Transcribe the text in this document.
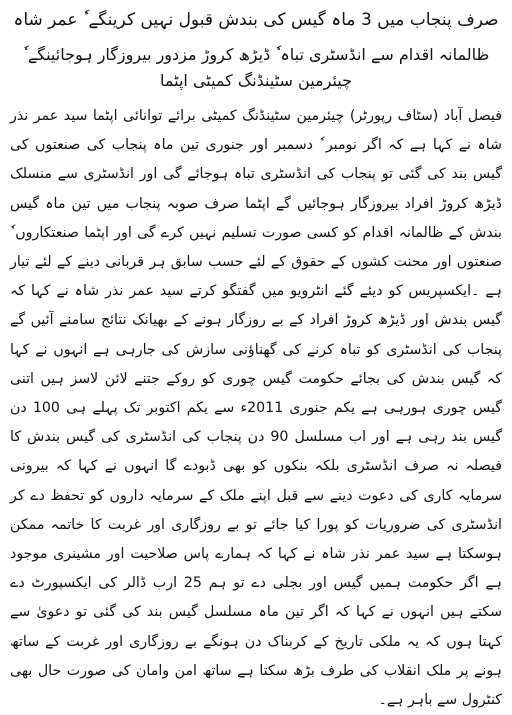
صرف پنجاب میں 3 ماہ گیس کی بندش قبول نہیں کرینگے ٗ عمر شاہ
ظالمانہ اقدام سے انڈسٹری تباہ ٗ ڈیڑھ کروڑ مزدور بیروزگار ہوجائینگے ٗ چیئرمین سٹینڈنگ کمیٹی اپٹما

فیصل آباد (سٹاف رپورٹر) چیئرمین سٹینڈنگ کمیٹی برائے توانائی اپٹما سید عمر نذر شاہ نے کہا ہے کہ اگر نومبر ٗ دسمبر اور جنوری تین ماہ پنجاب کی صنعتوں کی گیس بند کی گئی تو پنجاب کی انڈسٹری تباہ ہوجائے گی اور انڈسٹری سے منسلک ڈیڑھ کروڑ افراد بیروزگار ہوجائیں گے اپٹما صرف صوبہ پنجاب میں تین ماہ گیس بندش کے ظالمانہ اقدام کو کسی صورت تسلیم نہیں کرے گی اور اپٹما صنعتکاروں ٗ صنعتوں اور محنت کشوں کے حقوق کے لئے حسب سابق ہر قربانی دینے کے لئے تیار ہے ۔ایکسپریس کو دیئے گئے انٹرویو میں گفتگو کرتے سید عمر نذر شاہ نے کہا کہ گیس بندش اور ڈیڑھ کروڑ افراد کے بے روزگار ہونے کے بھیانک نتائج سامنے آئیں گے پنجاب کی انڈسٹری کو تباہ کرنے کی گھناؤنی سازش کی جارہی ہے انہوں نے کہا کہ گیس بندش کی بجائے حکومت گیس چوری کو روکے جتنے لائن لاسز ہیں اتنی گیس چوری ہورہی ہے یکم جنوری 2011ء سے یکم اکتوبر تک پہلے ہی 100 دن گیس بند رہی ہے اور اب مسلسل 90 دن پنجاب کی انڈسٹری کی گیس بندش کا فیصلہ نہ صرف انڈسٹری بلکہ بنکوں کو بھی ڈبودے گا انہوں نے کہا کہ بیرونی سرمایہ کاری کی دعوت دینے سے قبل اپنے ملک کے سرمایہ داروں کو تحفظ دے کر انڈسٹری کی ضروریات کو پورا کیا جائے تو بے روزگاری اور غربت کا خاتمہ ممکن ہوسکتا ہے سید عمر نذر شاہ نے کہا کہ ہمارے پاس صلاحیت اور مشینری موجود ہے اگر حکومت ہمیں گیس اور بجلی دے تو ہم 25 ارب ڈالر کی ایکسپورٹ دے سکتے ہیں انہوں نے کہا کہ اگر تین ماہ مسلسل گیس بند کی گئی تو دعویٰ سے کہتا ہوں کہ یہ ملکی تاریخ کے کربناک دن ہونگے بے روزگاری اور غربت کے ساتھ ہونے پر ملک انقلاب کی طرف بڑھ سکتا ہے ساتھ امن وامان کی صورت حال بھی کنٹرول سے باہر ہے۔
